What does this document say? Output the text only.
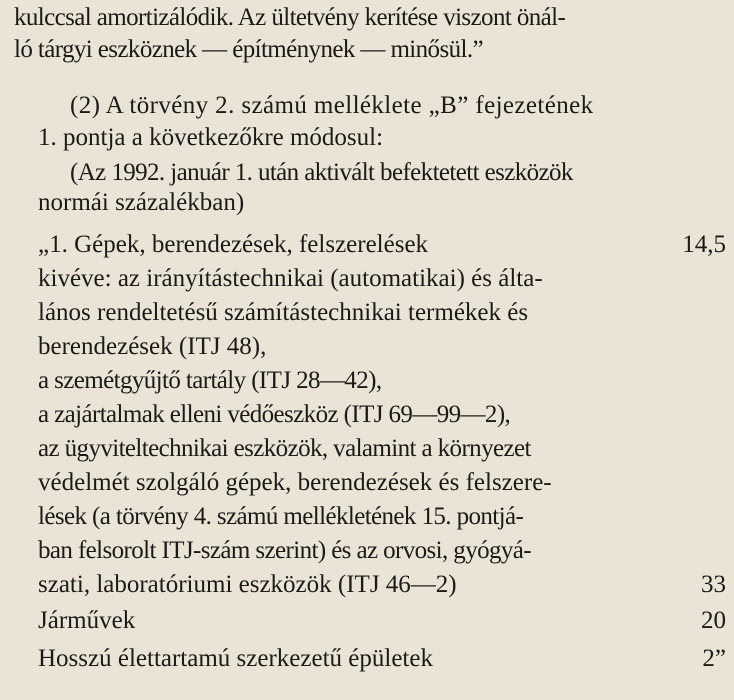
kulccsal amortizálódik. Az ültetvény kerítése viszont önál-
ló tárgyi eszköznek — építménynek — minősül.”
(2) A törvény 2. számú melléklete „B” fejezetének
1. pontja a következőkre módosul:
(Az 1992. január 1. után aktivált befektetett eszközök
normái százalékban)
„1. Gépek, berendezések, felszerelések	14,5
kivéve: az irányítástechnikai (automatikai) és álta-
lános rendeltetésű számítástechnikai termékek és
berendezések (ITJ 48),
a szemétgyűjtő tartály (ITJ 28—42),
a zajártalmak elleni védőeszköz (ITJ 69—99—2),
az ügyviteltechnikai eszközök, valamint a környezet
védelmét szolgáló gépek, berendezések és felszere-
lések (a törvény 4. számú mellékletének 15. pontjá-
ban felsorolt ITJ-szám szerint) és az orvosi, gyógyá-
szati, laboratóriumi eszközök (ITJ 46—2)	33
Járművek	20
Hosszú élettartamú szerkezetű épületek	2”
